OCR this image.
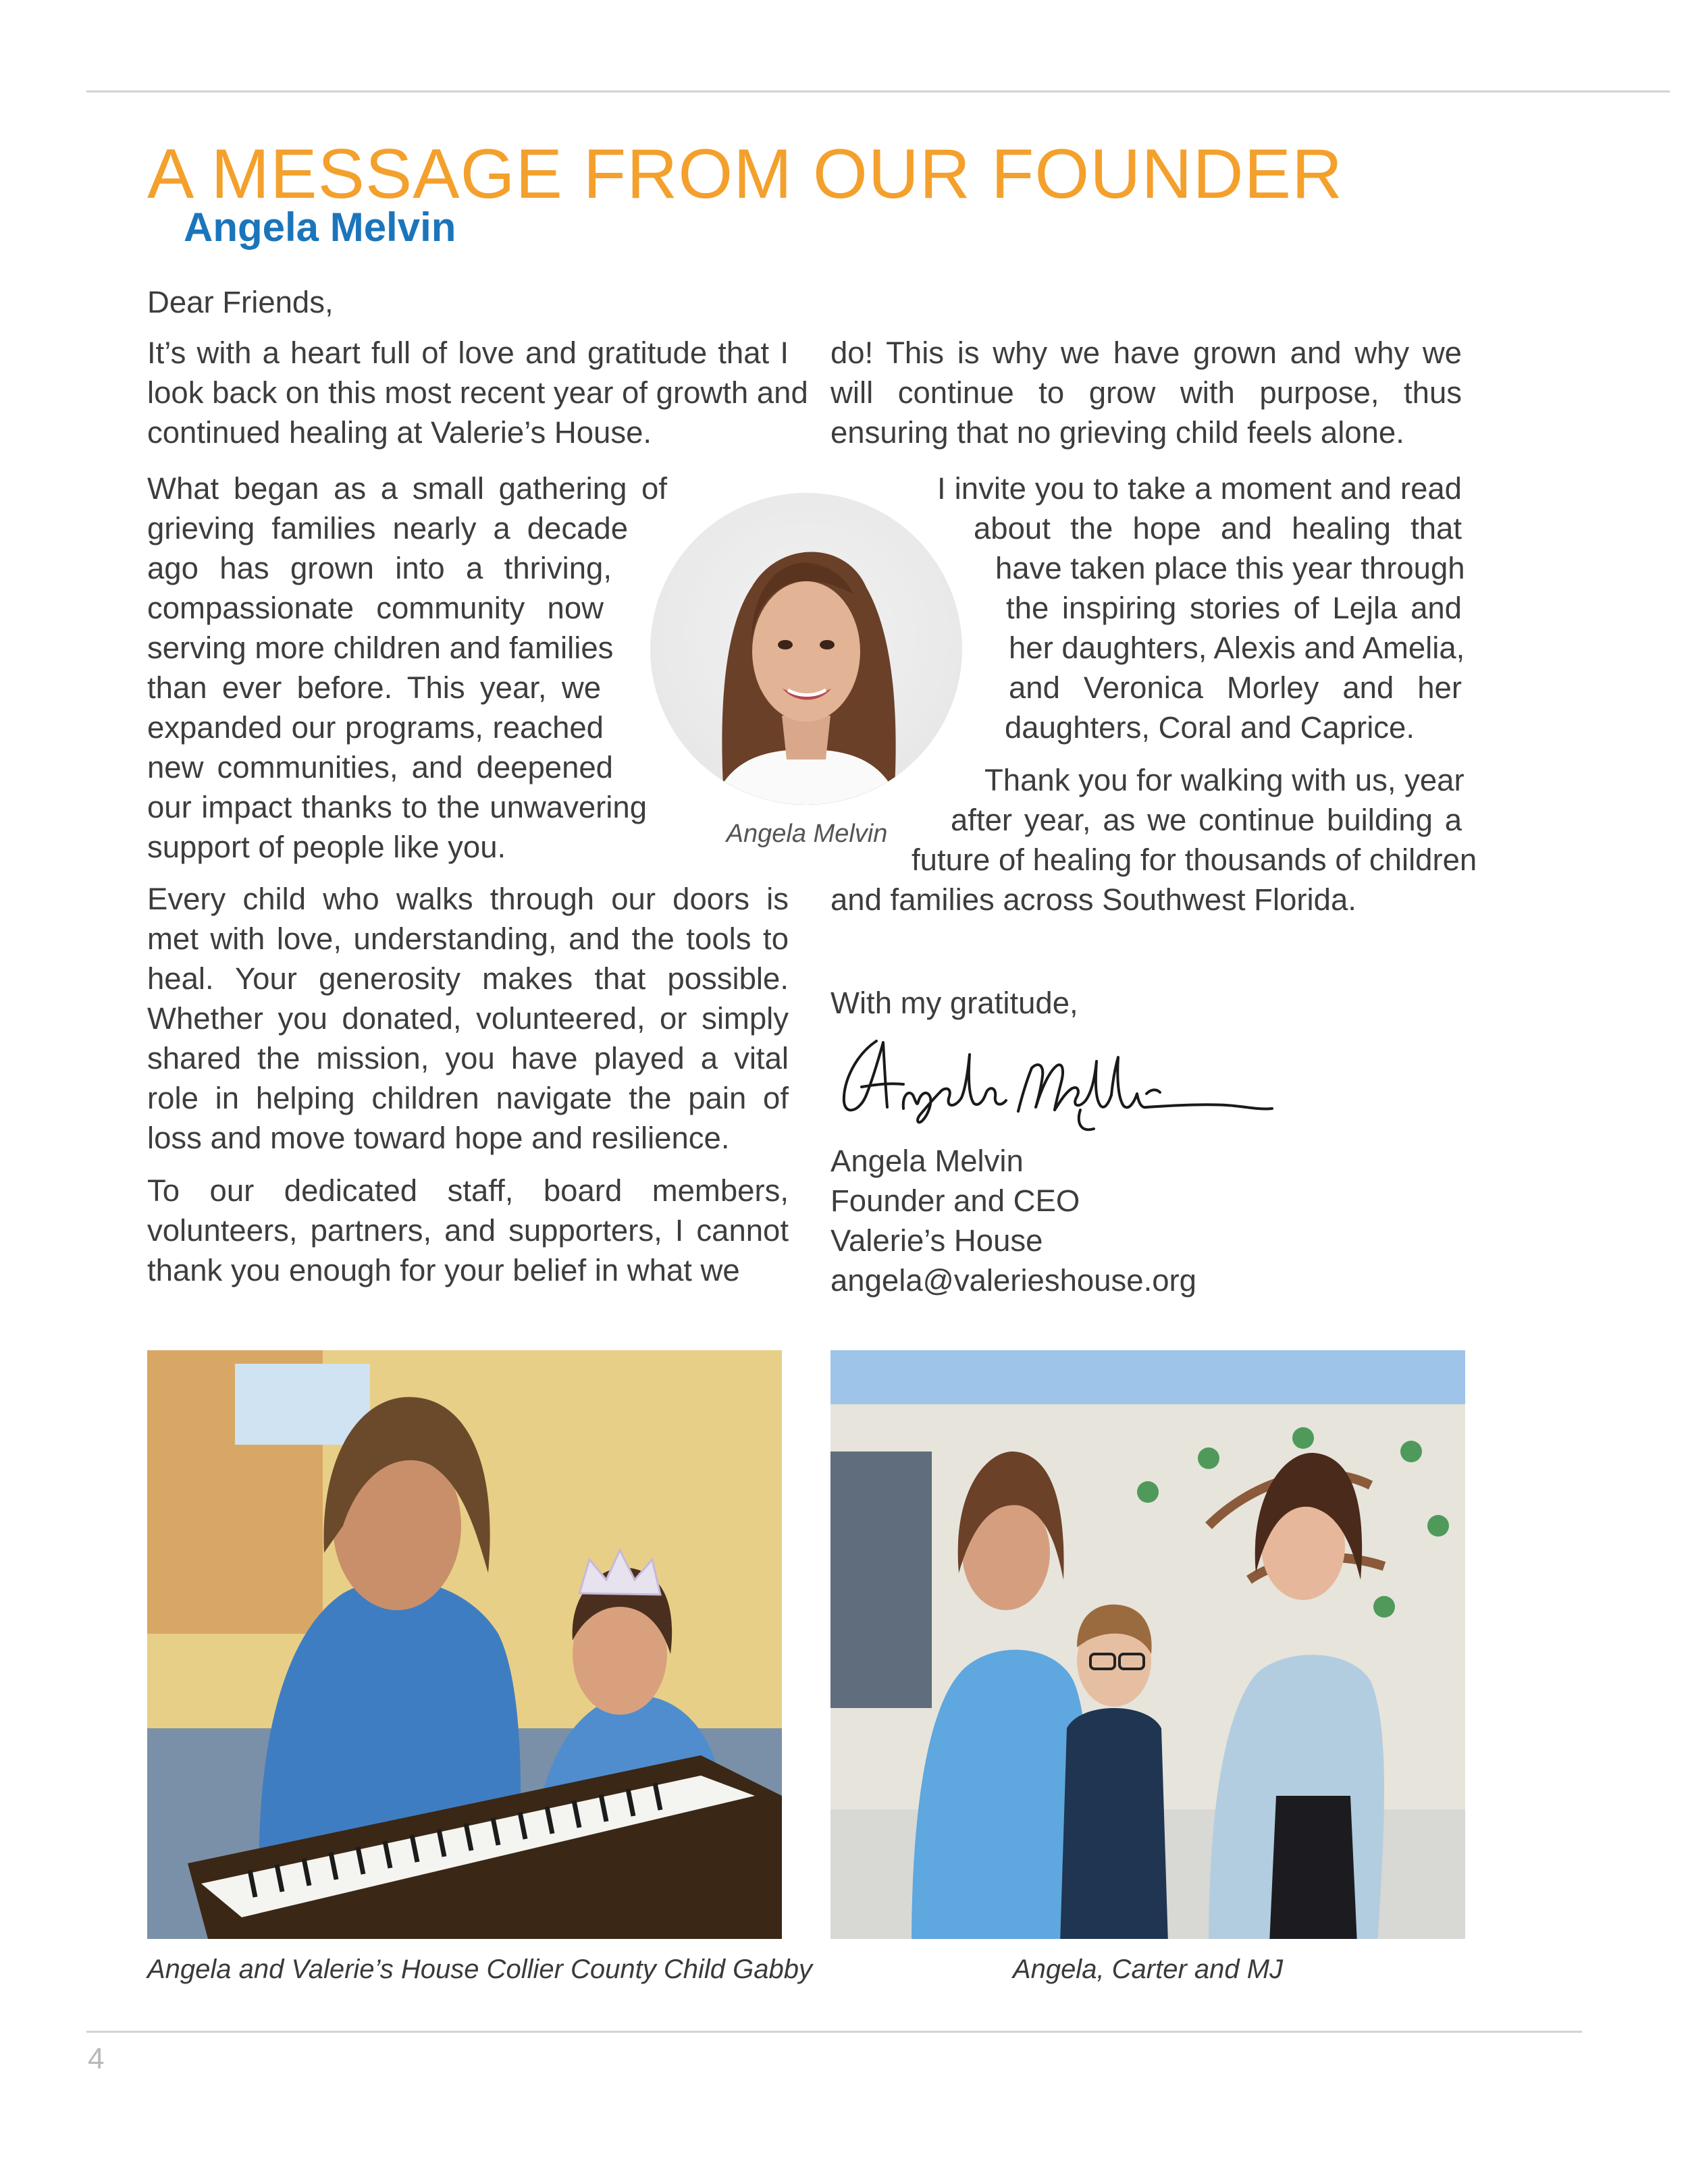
A MESSAGE FROM OUR FOUNDER
Angela Melvin

Dear Friends,

It’s with a heart full of love and gratitude that I
look back on this most recent year of growth and
continued healing at Valerie’s House.
What began as a small gathering of
grieving families nearly a decade
ago has grown into a thriving,
compassionate community now
serving more children and families
than ever before. This year, we
expanded our programs, reached
new communities, and deepened
our impact thanks to the unwavering
support of people like you.

Every child who walks through our doors is met with love, understanding, and the tools to heal. Your generosity makes that possible. Whether you donated, volunteered, or simply shared the mission, you have played a vital role in helping children navigate the pain of loss and move toward hope and resilience.

To our dedicated staff, board members, volunteers, partners, and supporters, I cannot thank you enough for your belief in what we

do! This is why we have grown and why we will continue to grow with purpose, thus ensuring that no grieving child feels alone.

I invite you to take a moment and read
about the hope and healing that
have taken place this year through
the inspiring stories of Lejla and
her daughters, Alexis and Amelia,
and Veronica Morley and her
daughters, Coral and Caprice.
Thank you for walking with us, year
after year, as we continue building a
future of healing for thousands of children
and families across Southwest Florida.

With my gratitude,

Angela Melvin
Founder and CEO
Valerie’s House
angela@valerieshouse.org
Angela Melvin

Angela and Valerie’s House Collier County Child Gabby	Angela, Carter and MJ

4
